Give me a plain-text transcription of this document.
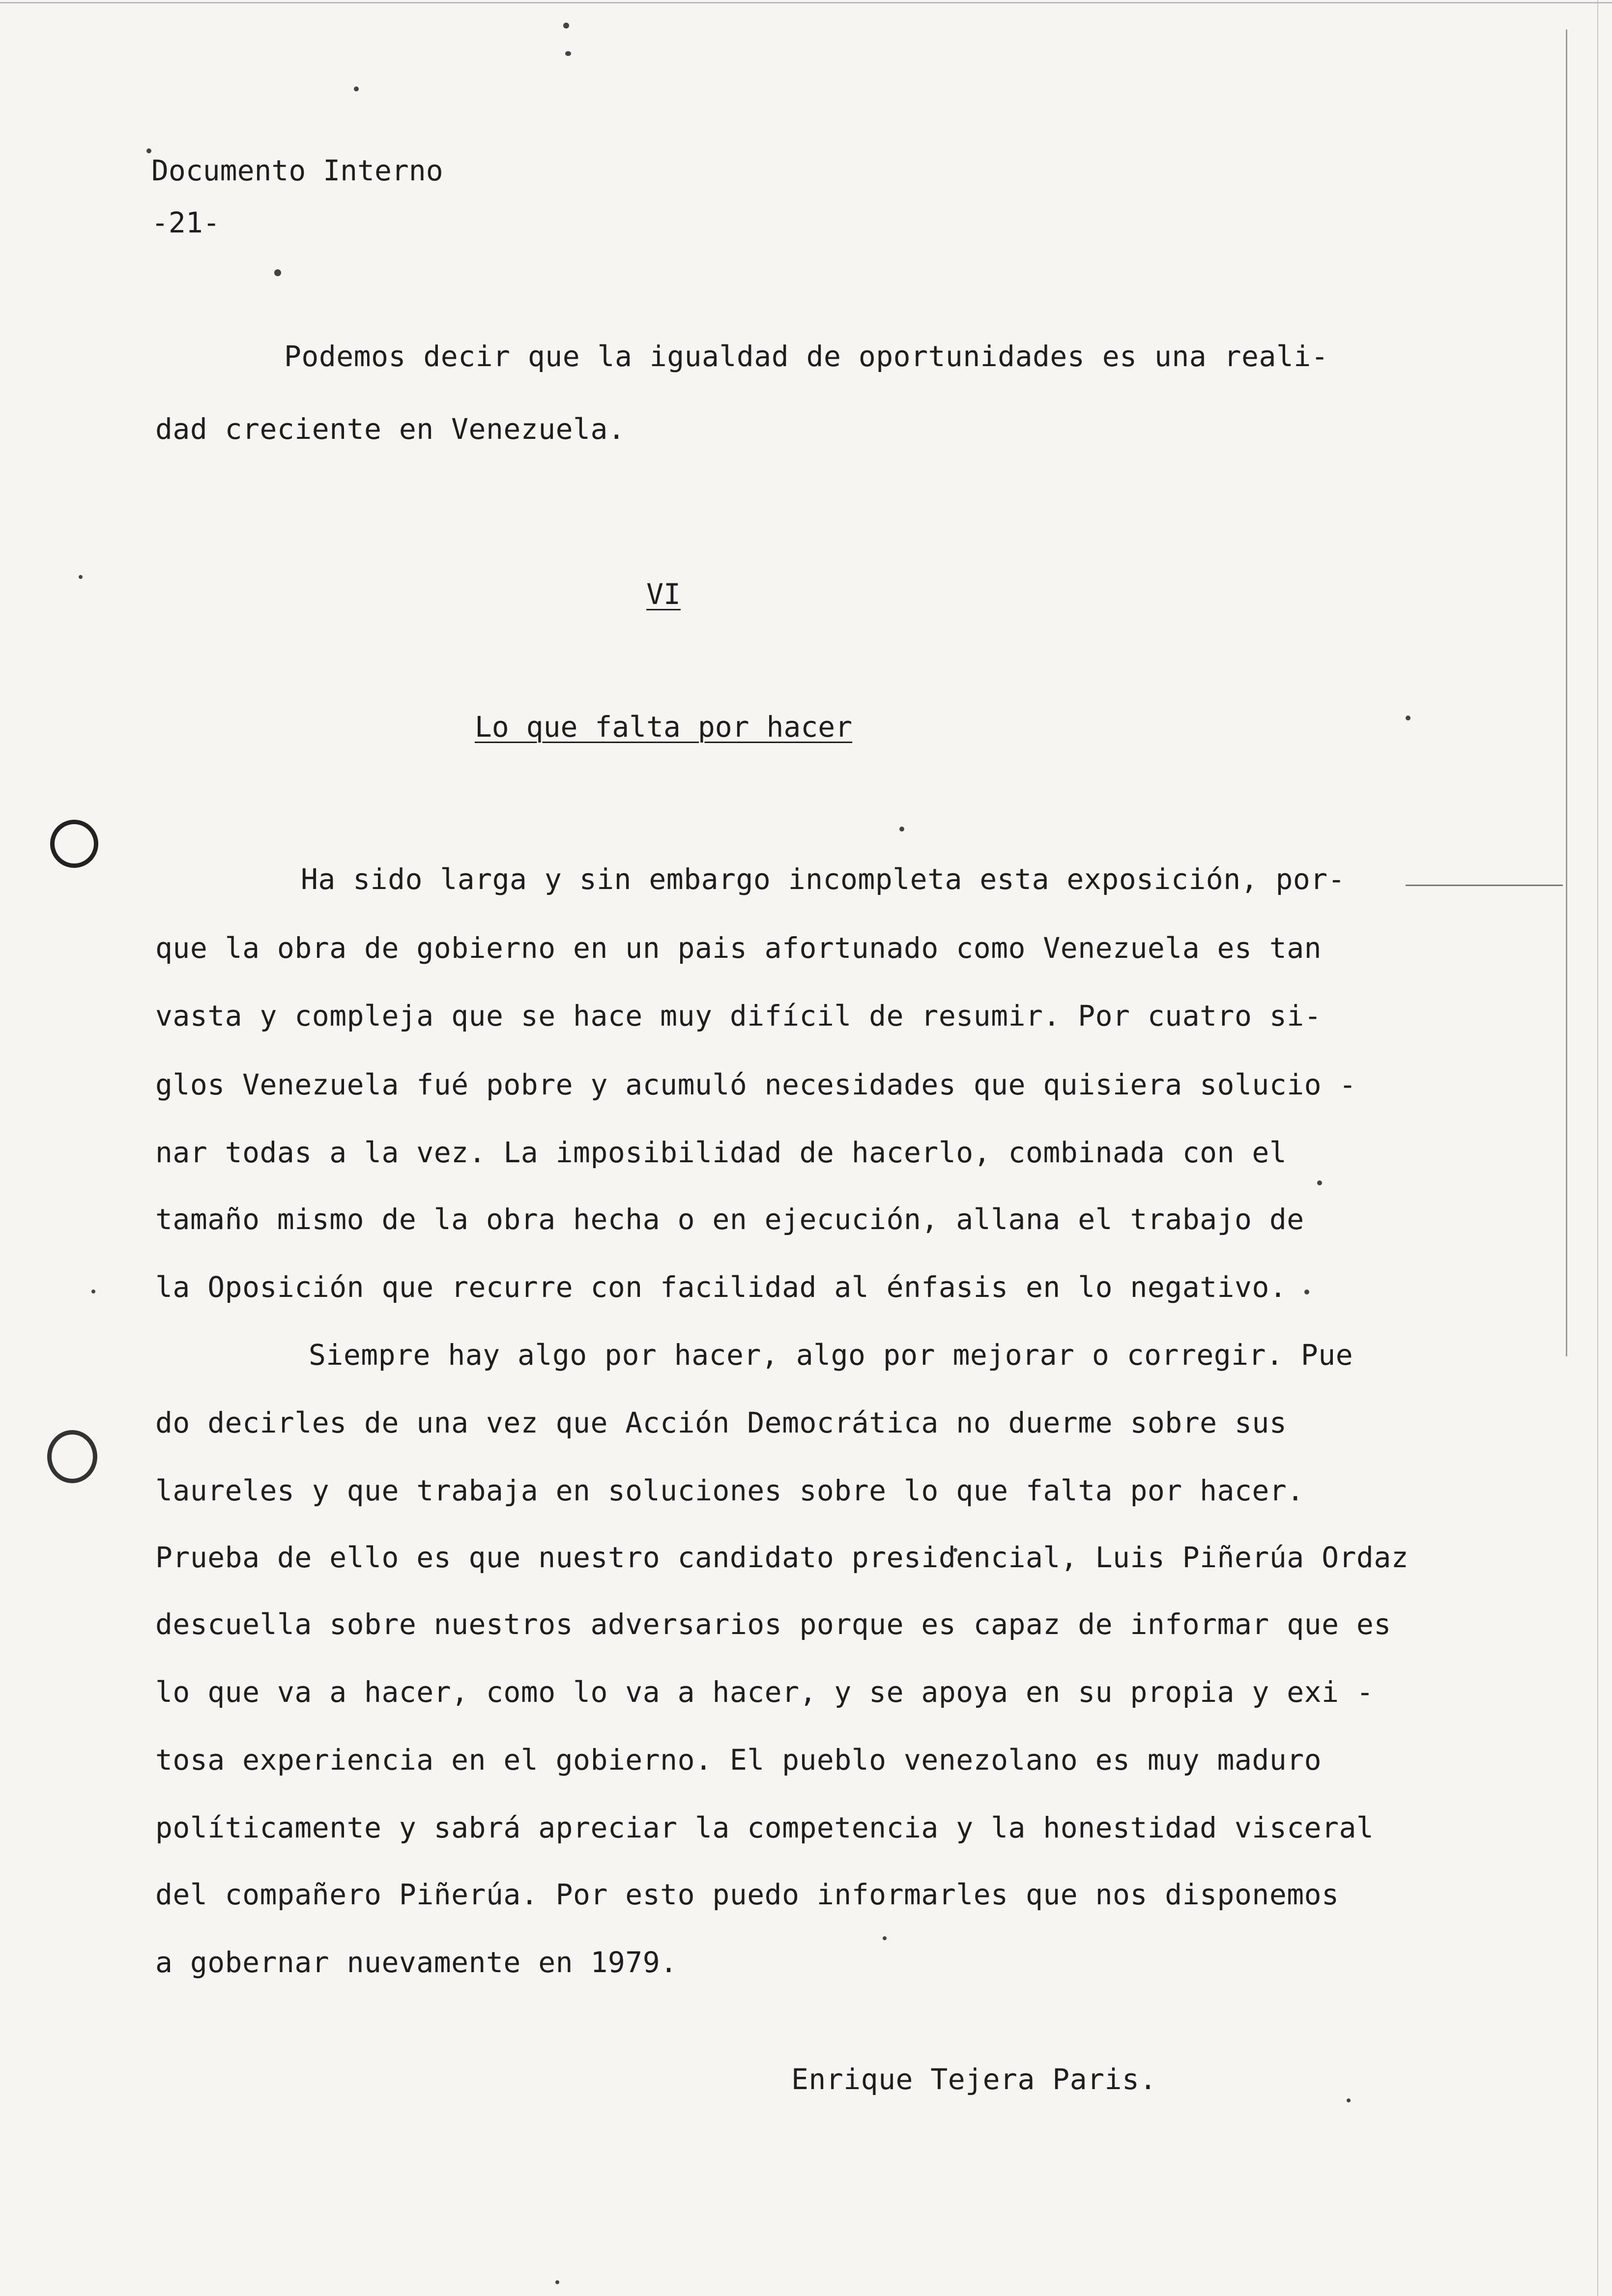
Documento Interno
-21-
Podemos decir que la igualdad de oportunidades es una reali-
dad creciente en Venezuela.
VI
Lo que falta por hacer
Ha sido larga y sin embargo incompleta esta exposición, por-
que la obra de gobierno en un pais afortunado como Venezuela es tan
vasta y compleja que se hace muy difícil de resumir. Por cuatro si-
glos Venezuela fué pobre y acumuló necesidades que quisiera solucio -
nar todas a la vez. La imposibilidad de hacerlo, combinada con el
tamaño mismo de la obra hecha o en ejecución, allana el trabajo de
la Oposición que recurre con facilidad al énfasis en lo negativo.
Siempre hay algo por hacer, algo por mejorar o corregir. Pue
do decirles de una vez que Acción Democrática no duerme sobre sus
laureles y que trabaja en soluciones sobre lo que falta por hacer.
Prueba de ello es que nuestro candidato presidencial, Luis Piñerúa Ordaz
descuella sobre nuestros adversarios porque es capaz de informar que es
lo que va a hacer, como lo va a hacer, y se apoya en su propia y exi -
tosa experiencia en el gobierno. El pueblo venezolano es muy maduro
políticamente y sabrá apreciar la competencia y la honestidad visceral
del compañero Piñerúa. Por esto puedo informarles que nos disponemos
a gobernar nuevamente en 1979.
Enrique Tejera Paris.
